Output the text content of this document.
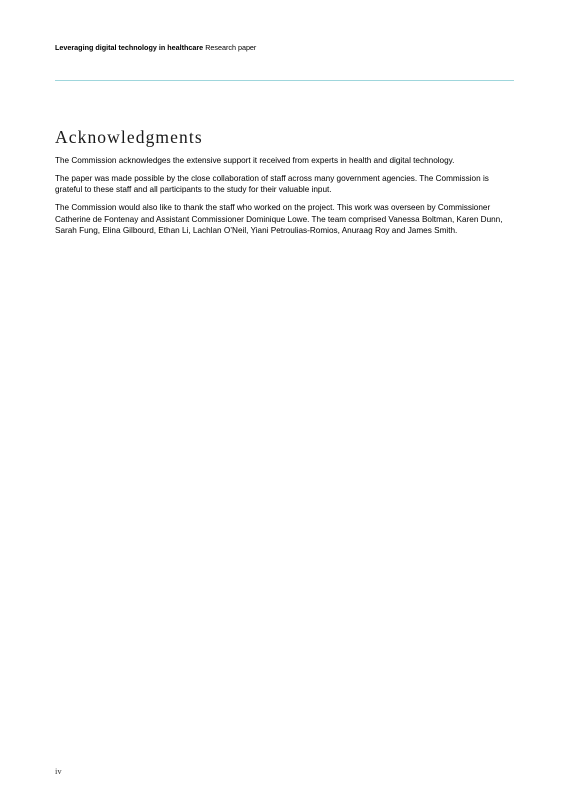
Leveraging digital technology in healthcare Research paper
Acknowledgments

The Commission acknowledges the extensive support it received from experts in health and digital technology.

The paper was made possible by the close collaboration of staff across many government agencies. The Commission is grateful to these staff and all participants to the study for their valuable input.

The Commission would also like to thank the staff who worked on the project. This work was overseen by Commissioner Catherine de Fontenay and Assistant Commissioner Dominique Lowe. The team comprised Vanessa Boltman, Karen Dunn, Sarah Fung, Elina Gilbourd, Ethan Li, Lachlan O’Neil, Yiani Petroulias-Romios, Anuraag Roy and James Smith.

iv
